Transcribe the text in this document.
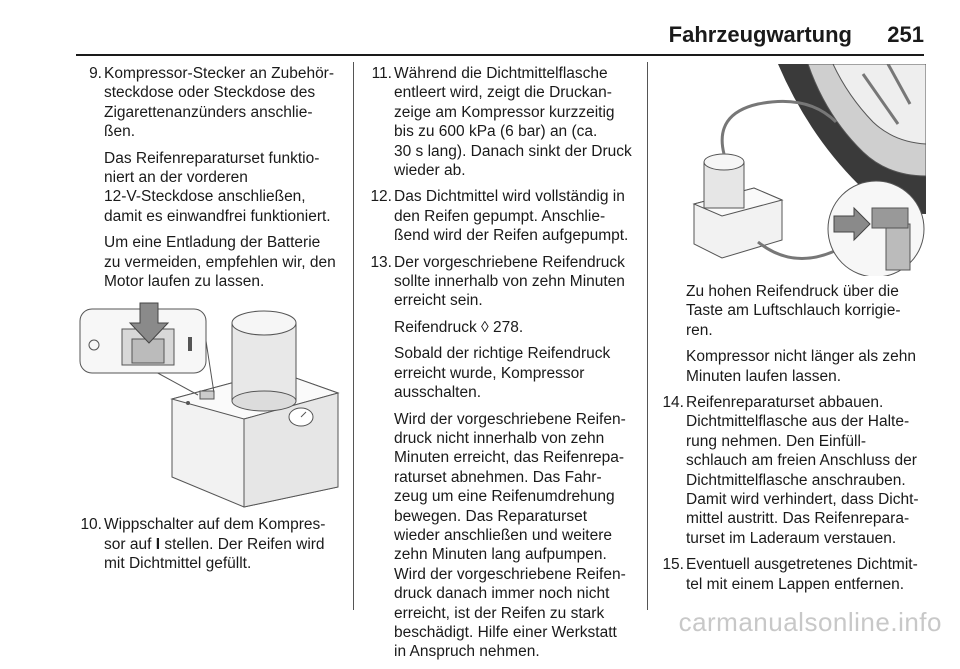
Fahrzeugwartung 251
9. Kompressor-Stecker an Zubehör-
steckdose oder Steckdose des
Zigarettenanzünders anschlie-
ßen.
Das Reifenreparaturset funktio-
niert an der vorderen
12-V-Steckdose anschließen,
damit es einwandfrei funktioniert.
Um eine Entladung der Batterie
zu vermeiden, empfehlen wir, den
Motor laufen zu lassen.
10. Wippschalter auf dem Kompres-
sor auf I stellen. Der Reifen wird
mit Dichtmittel gefüllt.
11. Während die Dichtmittelflasche
entleert wird, zeigt die Druckan-
zeige am Kompressor kurzzeitig
bis zu 600 kPa (6 bar) an (ca.
30 s lang). Danach sinkt der Druck
wieder ab.
12. Das Dichtmittel wird vollständig in
den Reifen gepumpt. Anschlie-
ßend wird der Reifen aufgepumpt.
13. Der vorgeschriebene Reifendruck
sollte innerhalb von zehn Minuten
erreicht sein.
Reifendruck ◊ 278.
Sobald der richtige Reifendruck
erreicht wurde, Kompressor
ausschalten.
Wird der vorgeschriebene Reifen-
druck nicht innerhalb von zehn
Minuten erreicht, das Reifenrepa-
raturset abnehmen. Das Fahr-
zeug um eine Reifenumdrehung
bewegen. Das Reparaturset
wieder anschließen und weitere
zehn Minuten lang aufpumpen.
Wird der vorgeschriebene Reifen-
druck danach immer noch nicht
erreicht, ist der Reifen zu stark
beschädigt. Hilfe einer Werkstatt
in Anspruch nehmen.
Zu hohen Reifendruck über die
Taste am Luftschlauch korrigie-
ren.
Kompressor nicht länger als zehn
Minuten laufen lassen.
14. Reifenreparaturset abbauen.
Dichtmittelflasche aus der Halte-
rung nehmen. Den Einfüll-
schlauch am freien Anschluss der
Dichtmittelflasche anschrauben.
Damit wird verhindert, dass Dicht-
mittel austritt. Das Reifenrepara-
turset im Laderaum verstauen.
15. Eventuell ausgetretenes Dichtmit-
tel mit einem Lappen entfernen.
carmanualsonline.info
